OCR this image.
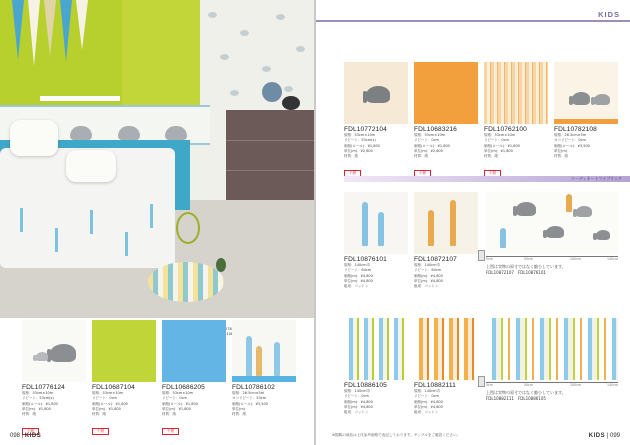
FDL10776124
規格：53cm×10m
リピート：53cm(s)
価格(ロール)：¥1,800
単位(m)：¥1,800
材質：紙
不燃
FDL10687104
規格：53cm×10m
リピート：0cm
価格(ロール)：¥1,800
単位(m)：¥1,800
材質：紙
不燃
FDL10686205
規格：53cm×10m
リピート：0cm
価格(ロール)：¥1,800
単位(m)：¥1,800
材質：紙
不燃
FDL10786102
規格：26.5cm×5m
ヨコリピート：53cm
価格(ロール)：¥3,500
単位(m)：
材質：紙
098 | KIDS
KIDS
FDL10772104
規格：53cm×10m
リピート：53cm(s)
価格(ロール)：¥1,800
単位(m)：¥2,600
材質：紙
不燃
FDL10683216
規格：53cm×10m
リピート：0cm
価格(ロール)：¥1,800
単位(m)：¥2,600
材質：紙
不燃
FDL10762100
規格：53cm×10m
リピート：0cm
価格(ロール)：¥1,800
単位(m)：¥1,800
材質：紙
不燃
FDL10782108
規格：26.5cm×5m
ヨコリピート：0cm
価格(ロール)：¥3,500
単位(m)：
材質：紙
コーディネートファブリック
FDL10876101
規格：140cm巾
リピート：64cm
価格(m)：¥4,800
単位(m)：¥4,800
組成：コットン
FDL10872107
規格：140cm巾
リピート：64cm
価格(m)：¥4,800
単位(m)：¥4,800
組成：コットン
0cm	50cm	100cm	140cm
上図は実物の原寸ではなく縮小しています。
FDL10872107　FDL10876101
FDL10886105
規格：140cm巾
リピート：0cm
価格(m)：¥4,800
単位(m)：¥4,800
組成：コットン
FDL10882111
規格：140cm巾
リピート：0cm
価格(m)：¥4,800
単位(m)：¥4,800
組成：コットン
0cm	50cm	100cm	140cm
上図は実物の原寸ではなく縮小しています。
FDL10882111　FDL10886105
※掲載の商品は上代参考価格で表記しております。サンプルをご確認ください。	KIDS | 099
